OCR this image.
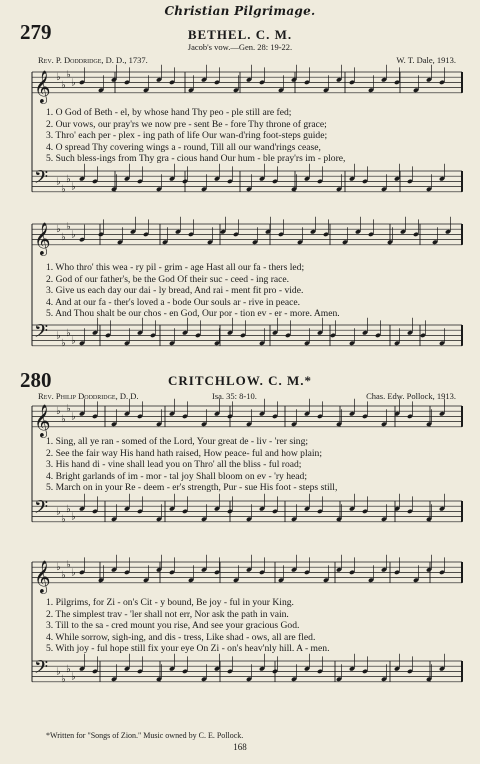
𝄞 ♭
♭
♭
♭
𝄢 ♭
♭
♭
♭
𝄞 ♭
♭
♭
♭
𝄢 ♭
♭
♭
♭
𝄞 ♭
♭
♭
♭
𝄢 ♭
♭
♭
♭
𝄞 ♭
♭
♭
♭
𝄢 ♭
♭
♭
♭
Christian Pilgrimage.
279	BETHEL. C. M.
Jacob's vow.—Gen. 28: 19-22.
Rev. P. Doddridge, D. D., 1737.	W. T. Dale, 1913.
1. O God of Beth - el, by whose hand Thy peo - ple still are fed;
2. Our vows, our pray'rs we now pre - sent Be - fore Thy throne of grace;
3. Thro' each per - plex - ing path of life Our wan-d'ring foot-steps guide;
4. O spread Thy covering wings a - round, Till all our wand'rings cease,
5. Such bless-ings from Thy gra - cious hand Our hum - ble pray'rs im - plore,
1. Who thro' this wea - ry pil - grim - age Hast all our fa - thers led;
2. God of our father's, be the God Of their suc - ceed - ing race.
3. Give us each day our dai - ly bread, And rai - ment fit pro - vide.
4. And at our fa - ther's loved a - bode Our souls ar - rive in peace.
5. And Thou shalt be our chos - en God, Our por - tion ev - er - more. Amen.
280	CRITCHLOW. C. M.*
Rev. Philip Doddridge, D. D.	Isa. 35: 8-10.	Chas. Edw. Pollock, 1913.
1. Sing, all ye ran - somed of the Lord, Your great de - liv - 'rer sing;
2. See the fair way His hand hath raised, How peace- ful and how plain;
3. His hand di - vine shall lead you on Thro' all the bliss - ful road;
4. Bright garlands of im - mor - tal joy Shall bloom on ev - 'ry head;
5. March on in your Re - deem - er's strength, Pur - sue His foot - steps still,
1. Pilgrims, for Zi - on's Cit - y bound, Be joy - ful in your King.
2. The simplest trav - 'ler shall not err, Nor ask the path in vain.
3. Till to the sa - cred mount you rise, And see your gracious God.
4. While sorrow, sigh-ing, and dis - tress, Like shad - ows, all are fled.
5. With joy - ful hope still fix your eye On Zi - on's heav'nly hill. A - men.
*Written for "Songs of Zion." Music owned by C. E. Pollock.
168
